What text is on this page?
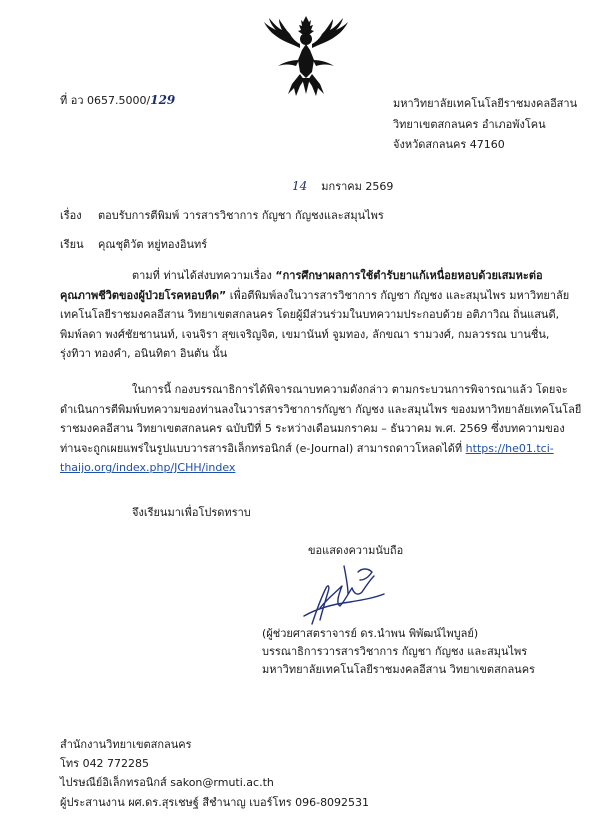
ที่ อว 0657.5000/129	มหาวิทยาลัยเทคโนโลยีราชมงคลอีสาน
วิทยาเขตสกลนคร อำเภอพังโคน
จังหวัดสกลนคร 47160
14 มกราคม 2569
เรื่อง ตอบรับการตีพิมพ์ วารสารวิชาการ กัญชา กัญชงและสมุนไพร
เรียน คุณชุติวัต หยู่ทองอินทร์
ตามที่ ท่านได้ส่งบทความเรื่อง “การศึกษาผลการใช้ตำรับยาแก้เหนื่อยหอบด้วยเสมหะต่อ
คุณภาพชีวิตของผู้ป่วยโรคหอบหืด” เพื่อตีพิมพ์ลงในวารสารวิชาการ กัญชา กัญชง และสมุนไพร มหาวิทยาลัย
เทคโนโลยีราชมงคลอีสาน วิทยาเขตสกลนคร โดยผู้มีส่วนร่วมในบทความประกอบด้วย อติภาวิณ ถิ่นแสนดี,
พิมพ์ลดา พงศ์ชัยชานนท์, เจนจิรา สุขเจริญจิต, เขมานันท์ จูมทอง, ลักขณา รามวงศ์, กมลวรรณ บานชื่น,
รุ่งทิวา ทองคำ, อนินทิตา อินตัน นั้น
ในการนี้ กองบรรณาธิการได้พิจารณาบทความดังกล่าว ตามกระบวนการพิจารณาแล้ว โดยจะ
ดำเนินการตีพิมพ์บทความของท่านลงในวารสารวิชาการกัญชา กัญชง และสมุนไพร ของมหาวิทยาลัยเทคโนโลยี
ราชมงคลอีสาน วิทยาเขตสกลนคร ฉบับปีที่ 5 ระหว่างเดือนมกราคม – ธันวาคม พ.ศ. 2569 ซึ่งบทความของ
ท่านจะถูกเผยแพร่ในรูปแบบวารสารอิเล็กทรอนิกส์ (e-Journal) สามารถดาวโหลดได้ที่ https://he01.tci-
thaijo.org/index.php/JCHH/index
จึงเรียนมาเพื่อโปรดทราบ
ขอแสดงความนับถือ
(ผู้ช่วยศาสตราจารย์ ดร.นำพน พิพัฒน์ไพบูลย์)
บรรณาธิการวารสารวิชาการ กัญชา กัญชง และสมุนไพร
มหาวิทยาลัยเทคโนโลยีราชมงคลอีสาน วิทยาเขตสกลนคร
สำนักงานวิทยาเขตสกลนคร
โทร 042 772285
ไปรษณีย์อิเล็กทรอนิกส์ sakon@rmuti.ac.th
ผู้ประสานงาน ผศ.ดร.สุรเชษฐ์ สีชำนาญ เบอร์โทร 096-8092531
